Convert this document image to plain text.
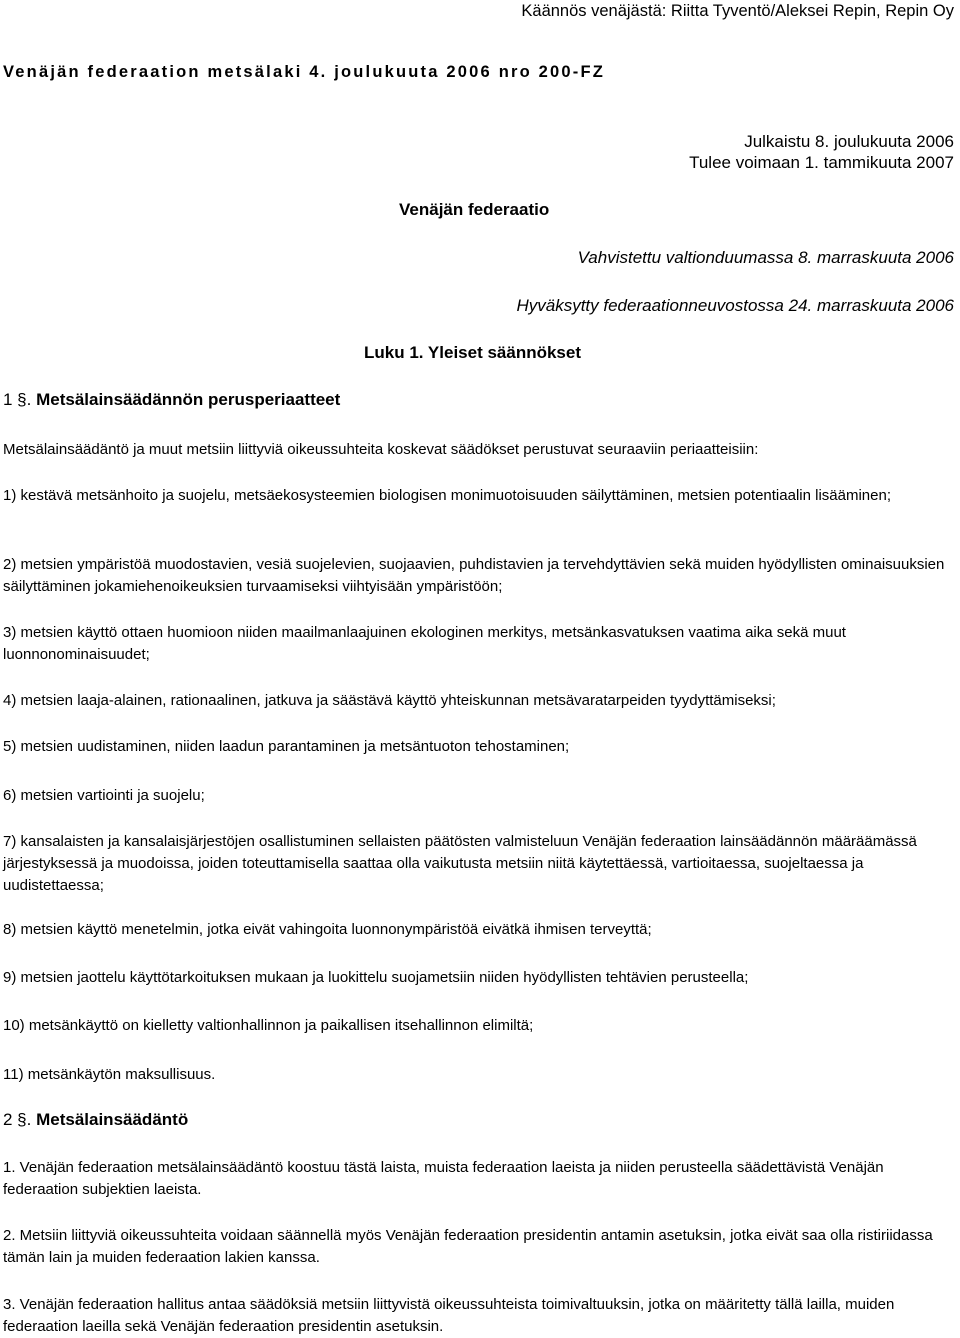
Käännös venäjästä: Riitta Tyventö/Aleksei Repin, Repin Oy
Venäjän federaation metsälaki 4. joulukuuta 2006 nro 200-FZ
Julkaistu 8. joulukuuta 2006
Tulee voimaan 1. tammikuuta 2007
Venäjän federaatio
Vahvistettu valtionduumassa 8. marraskuuta 2006
Hyväksytty federaationneuvostossa 24. marraskuuta 2006
Luku 1. Yleiset säännökset
1 §. Metsälainsäädännön perusperiaatteet
Metsälainsäädäntö ja muut metsiin liittyviä oikeussuhteita koskevat säädökset perustuvat seuraaviin periaatteisiin:
1) kestävä metsänhoito ja suojelu, metsäekosysteemien biologisen monimuotoisuuden säilyttäminen, metsien potentiaalin lisääminen;
2) metsien ympäristöä muodostavien, vesiä suojelevien, suojaavien, puhdistavien ja tervehdyttävien sekä muiden hyödyllisten ominaisuuksien säilyttäminen jokamiehenoikeuksien turvaamiseksi viihtyisään ympäristöön;
3) metsien käyttö ottaen huomioon niiden maailmanlaajuinen ekologinen merkitys, metsänkasvatuksen vaatima aika sekä muut luonnonominaisuudet;
4) metsien laaja-alainen, rationaalinen, jatkuva ja säästävä käyttö yhteiskunnan metsävaratarpeiden tyydyttämiseksi;
5) metsien uudistaminen, niiden laadun parantaminen ja metsäntuoton tehostaminen;
6) metsien vartiointi ja suojelu;
7) kansalaisten ja kansalaisjärjestöjen osallistuminen sellaisten päätösten valmisteluun Venäjän federaation lainsäädännön määräämässä järjestyksessä ja muodoissa, joiden toteuttamisella saattaa olla vaikutusta metsiin niitä käytettäessä, vartioitaessa, suojeltaessa ja uudistettaessa;
8) metsien käyttö menetelmin, jotka eivät vahingoita luonnonympäristöä eivätkä ihmisen terveyttä;
9) metsien jaottelu käyttötarkoituksen mukaan ja luokittelu suojametsiin niiden hyödyllisten tehtävien perusteella;
10) metsänkäyttö on kielletty valtionhallinnon ja paikallisen itsehallinnon elimiltä;
11) metsänkäytön maksullisuus.
2 §. Metsälainsäädäntö
1. Venäjän federaation metsälainsäädäntö koostuu tästä laista, muista federaation laeista ja niiden perusteella säädettävistä Venäjän federaation subjektien laeista.
2. Metsiin liittyviä oikeussuhteita voidaan säännellä myös Venäjän federaation presidentin antamin asetuksin, jotka eivät saa olla ristiriidassa tämän lain ja muiden federaation lakien kanssa.
3. Venäjän federaation hallitus antaa säädöksiä metsiin liittyvistä oikeussuhteista toimivaltuuksin, jotka on määritetty tällä lailla, muiden federaation laeilla sekä Venäjän federaation presidentin asetuksin.
